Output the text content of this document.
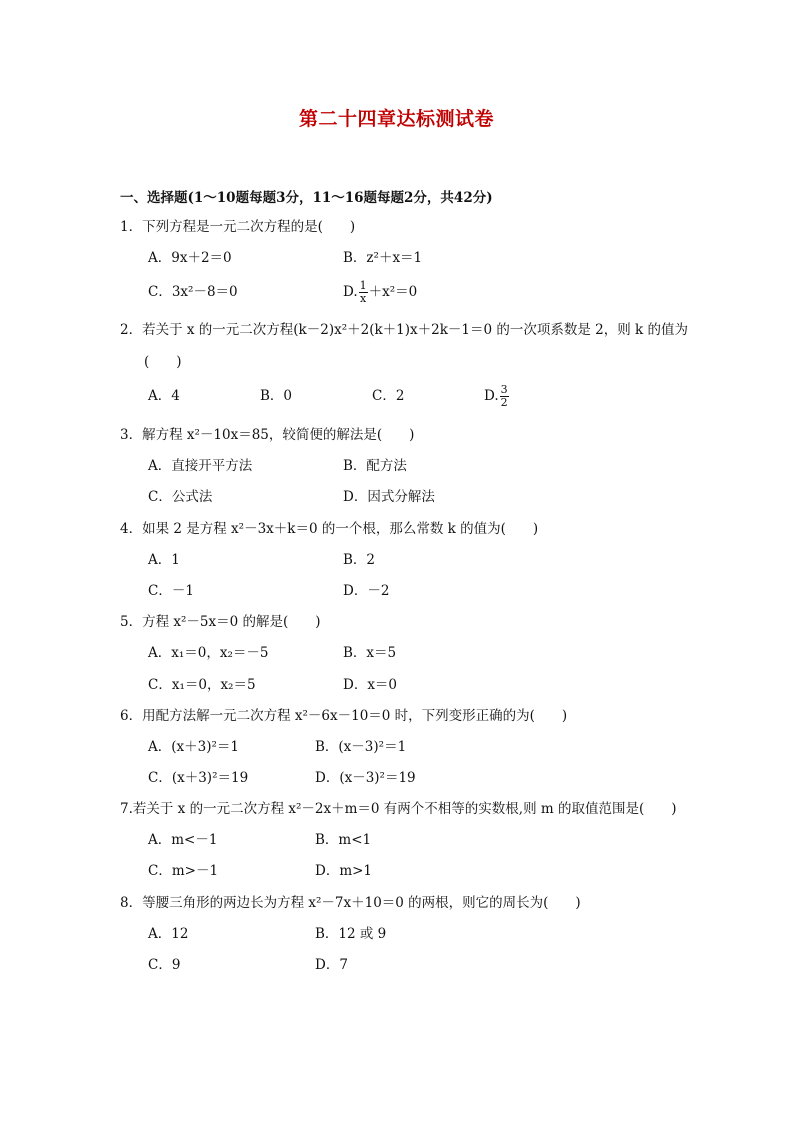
第二十四章达标测试卷
一、选择题(1～10题每题3分，11～16题每题2分，共42分)
1．下列方程是一元二次方程的是(　　)
A．9x＋2＝0	B．z²＋x＝1
C．3x²－8＝0	D. $\frac{1}{x} +x^2=0$
2．若关于 x 的一元二次方程(k－2)x²＋2(k＋1)x＋2k－1＝0 的一次项系数是 2，则 k 的值为
(　　)
A．4	B．0	C．2	D. $\frac{3}{2}$
3．解方程 x²－10x＝85，较简便的解法是(　　)
A．直接开平方法	B．配方法
C．公式法	D．因式分解法
4．如果 2 是方程 x²－3x＋k＝0 的一个根，那么常数 k 的值为(　　)
A．1	B．2
C．－1	D．－2
5．方程 x²－5x＝0 的解是(　　)
A．x₁＝0，x₂＝－5	B．x＝5
C．x₁＝0，x₂＝5	D．x＝0
6．用配方法解一元二次方程 x²－6x－10＝0 时，下列变形正确的为(　　)
A．(x＋3)²＝1	B．(x－3)²＝1
C．(x＋3)²＝19	D．(x－3)²＝19
7.若关于 x 的一元二次方程 x²－2x＋m＝0 有两个不相等的实数根,则 m 的取值范围是(　　)
A．m<－1	B．m<1
C．m>－1	D．m>1
8．等腰三角形的两边长为方程 x²－7x＋10＝0 的两根，则它的周长为(　　)
A．12	B．12 或 9
C．9	D．7
